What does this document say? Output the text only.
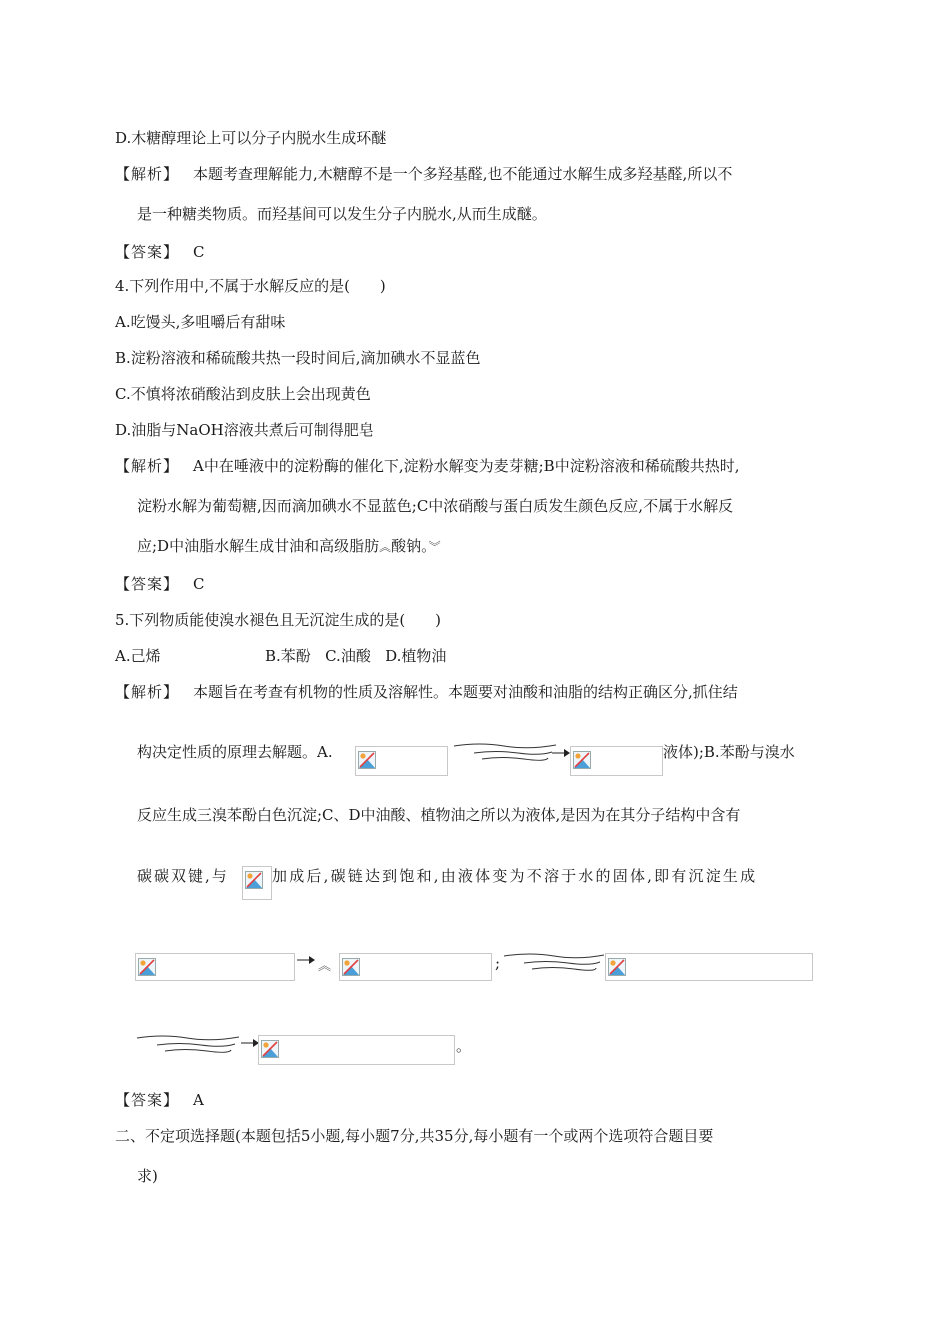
D.木糖醇理论上可以分子内脱水生成环醚
【解析】 本题考查理解能力,木糖醇不是一个多羟基醛,也不能通过水解生成多羟基醛,所以不
是一种糖类物质。而羟基间可以发生分子内脱水,从而生成醚。
【答案】 C
4.下列作用中,不属于水解反应的是(　　)
A.吃馒头,多咀嚼后有甜味
B.淀粉溶液和稀硫酸共热一段时间后,滴加碘水不显蓝色
C.不慎将浓硝酸沾到皮肤上会出现黄色
D.油脂与NaOH溶液共煮后可制得肥皂
【解析】 A中在唾液中的淀粉酶的催化下,淀粉水解变为麦芽糖;B中淀粉溶液和稀硫酸共热时,
淀粉水解为葡萄糖,因而滴加碘水不显蓝色;C中浓硝酸与蛋白质发生颜色反应,不属于水解反
应;D中油脂水解生成甘油和高级脂肪︽酸钠。︾
【答案】 C
5.下列物质能使溴水褪色且无沉淀生成的是(　　)
A.己烯	B.苯酚 C.油酸 D.植物油
【解析】 本题旨在考查有机物的性质及溶解性。本题要对油酸和油脂的结构正确区分,抓住结
构决定性质的原理去解题。A.	液体);B.苯酚与溴水
反应生成三溴苯酚白色沉淀;C、D中油酸、植物油之所以为液体,是因为在其分子结构中含有
碳碳双键,与	加成后,碳链达到饱和,由液体变为不溶于水的固体,即有沉淀生成
︽	;
。
【答案】 A
二、不定项选择题(本题包括5小题,每小题7分,共35分,每小题有一个或两个选项符合题目要
求)
